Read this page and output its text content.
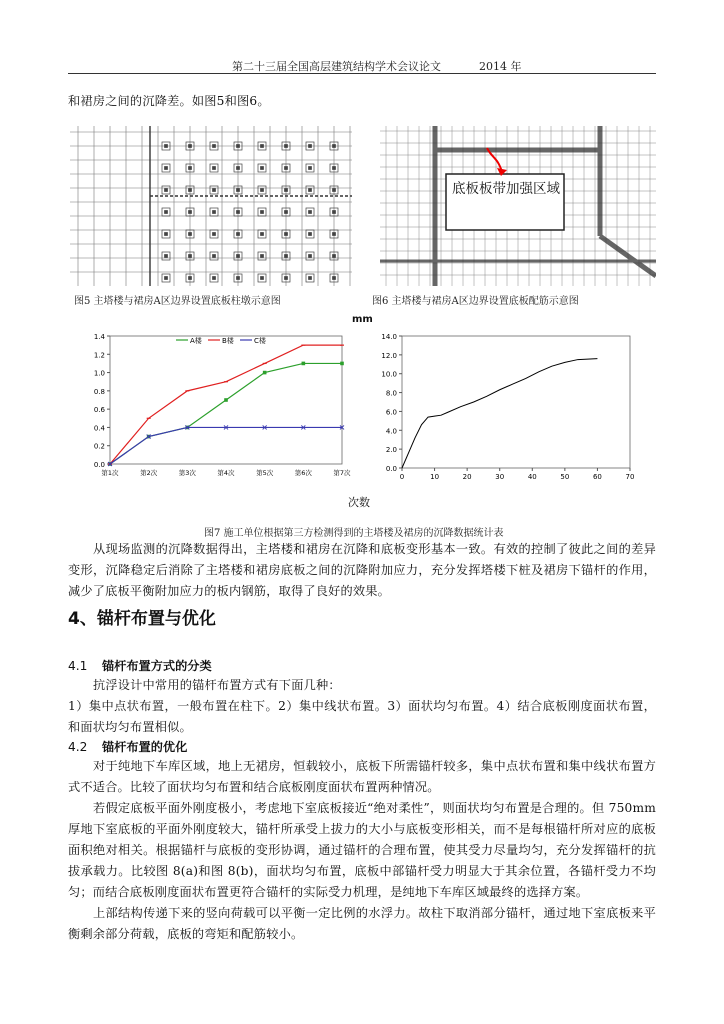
第二十三届全国高层建筑结构学术会议论文	2014 年
和裙房之间的沉降差。如图5和图6。
图5 主塔楼与裙房A区边界设置底板柱墩示意图
底板板带加强区域
图6 主塔楼与裙房A区边界设置底板配筋示意图
mm
0.0
0.2
0.4
0.6
0.8
1.0
1.2
1.4
第1次	第2次	第3次	第4次	第5次	第6次	第7次
A楼	B楼	C楼
0.0
2.0
4.0
6.0
8.0
10.0
12.0
14.0
0	10	20	30	40	50	60	70
次数
图7 施工单位根据第三方检测得到的主塔楼及裙房的沉降数据统计表
从现场监测的沉降数据得出，主塔楼和裙房在沉降和底板变形基本一致。有效的控制了彼此之间的差异变形，沉降稳定后消除了主塔楼和裙房底板之间的沉降附加应力，充分发挥塔楼下桩及裙房下锚杆的作用，减少了底板平衡附加应力的板内钢筋，取得了良好的效果。
4、锚杆布置与优化
4.1 锚杆布置方式的分类
抗浮设计中常用的锚杆布置方式有下面几种：
1）集中点状布置，一般布置在柱下。2）集中线状布置。3）面状均匀布置。4）结合底板刚度面状布置，和面状均匀布置相似。
4.2 锚杆布置的优化
对于纯地下车库区域，地上无裙房，恒载较小，底板下所需锚杆较多，集中点状布置和集中线状布置方式不适合。比较了面状均匀布置和结合底板刚度面状布置两种情况。
若假定底板平面外刚度极小，考虑地下室底板接近“绝对柔性”，则面状均匀布置是合理的。但 750mm 厚地下室底板的平面外刚度较大，锚杆所承受上拔力的大小与底板变形相关，而不是每根锚杆所对应的底板面积绝对相关。根据锚杆与底板的变形协调，通过锚杆的合理布置，使其受力尽量均匀，充分发挥锚杆的抗拔承载力。比较图 8(a)和图 8(b)，面状均匀布置，底板中部锚杆受力明显大于其余位置，各锚杆受力不均匀；而结合底板刚度面状布置更符合锚杆的实际受力机理，是纯地下车库区域最终的选择方案。
上部结构传递下来的竖向荷载可以平衡一定比例的水浮力。故柱下取消部分锚杆，通过地下室底板来平衡剩余部分荷载，底板的弯矩和配筋较小。
